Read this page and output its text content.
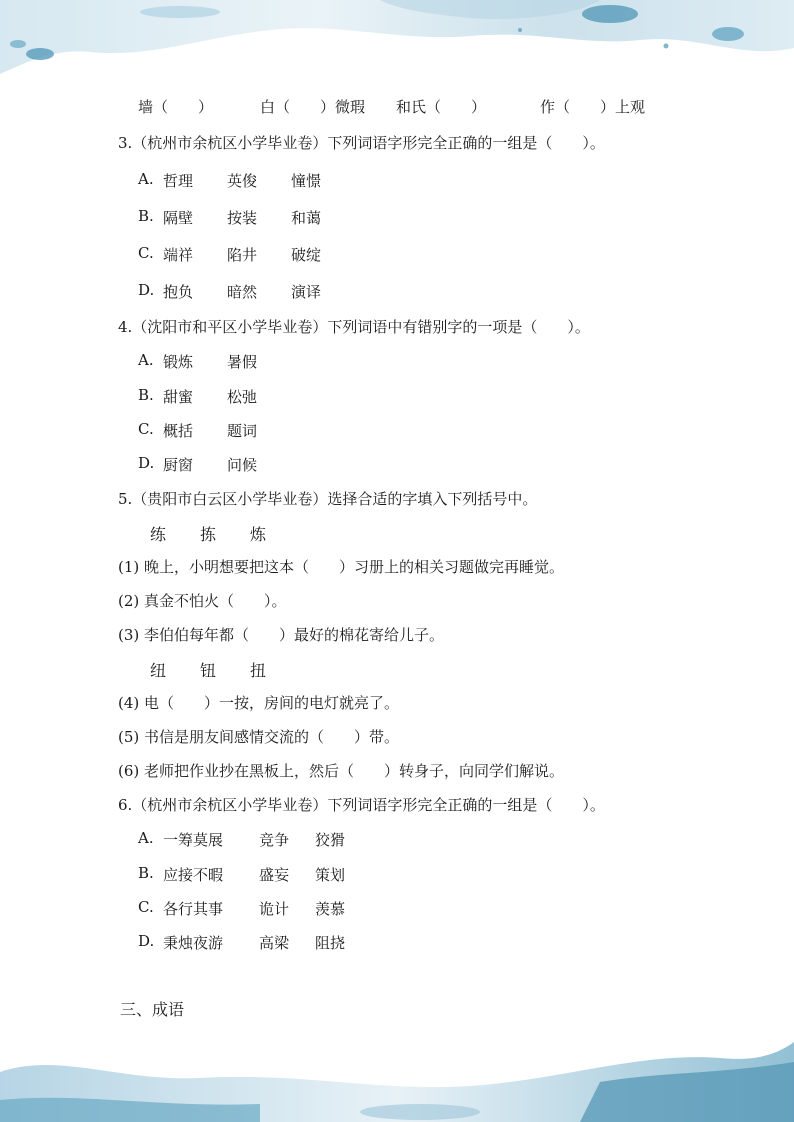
墙（　　）	白（　　）微瑕 和氏（　　）	作（　　）上观
3.（杭州市余杭区小学毕业卷）下列词语字形完全正确的一组是（　　）。
A. 哲理 英俊 憧憬
B. 隔壁 按装 和蔼
C. 端祥 陷井 破绽
D. 抱负 暗然 演译
4.（沈阳市和平区小学毕业卷）下列词语中有错别字的一项是（　　）。
A. 锻炼 暑假
B. 甜蜜 松弛
C. 概括 题词
D. 厨窗 问候
5.（贵阳市白云区小学毕业卷）选择合适的字填入下列括号中。
练 拣 炼
(1) 晚上，小明想要把这本（　　）习册上的相关习题做完再睡觉。
(2) 真金不怕火（　　）。
(3) 李伯伯每年都（　　）最好的棉花寄给儿子。
纽 钮 扭
(4) 电（　　）一按，房间的电灯就亮了。
(5) 书信是朋友间感情交流的（　　）带。
(6) 老师把作业抄在黑板上，然后（　　）转身子，向同学们解说。
6.（杭州市余杭区小学毕业卷）下列词语字形完全正确的一组是（　　）。
A. 一筹莫展 竞争 狡猾
B. 应接不暇 盛妄 策划
C. 各行其事 诡计 羡慕
D. 秉烛夜游 高梁 阻挠
三、成语
